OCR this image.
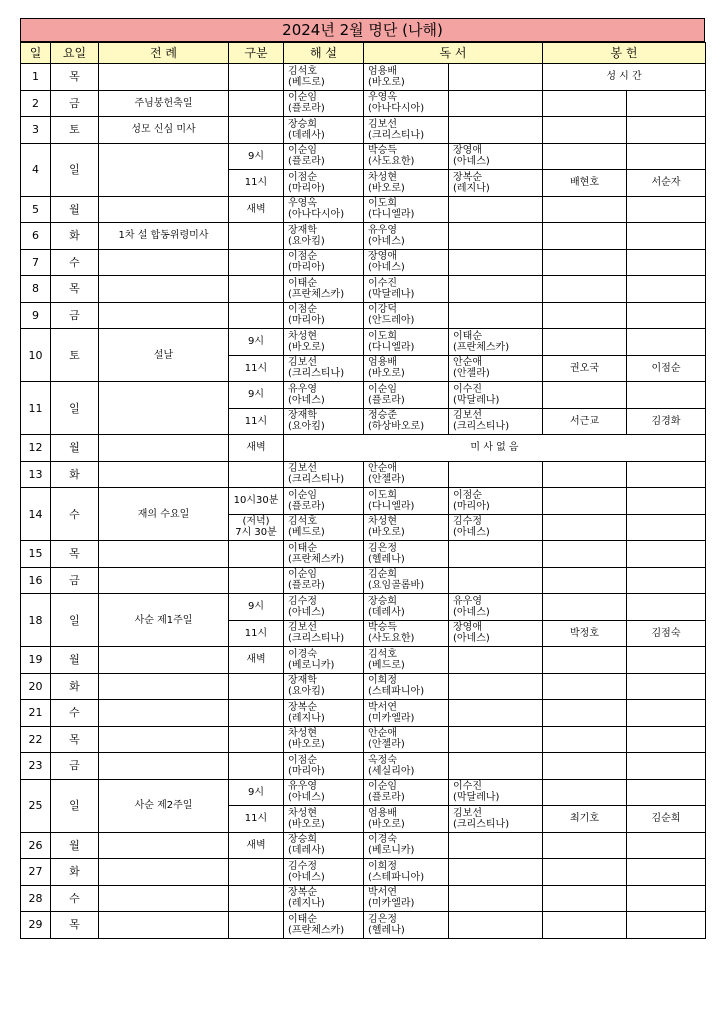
2024년 2월 명단 (나해)
일	요일	전 례	구분	해 설	독 서		봉 헌	

1	목			김석호
(베드로)	엄용배
(바오로)		성 시 간	

2	금	주님봉헌축일		이순임
(플로라)	우영옥
(아나다시아)			

3	토	성모 신심 미사		장승희
(데레사)	김보선
(크리스티나)			

4	일		9시	이순임
(플로라)	박승득
(사도요한)	장영애
(아네스)		

			11시	이점순
(마리아)	차성현
(바오로)	장복순
(레지나)	배현호	서순자

5	월		새벽	우영옥
(아나다시아)	이도희
(다니엘라)			

6	화	1차 설 합동위령미사		장재학
(요아킴)	유우영
(아네스)			

7	수			이점순
(마리아)	장영애
(아네스)			

8	목			이태순
(프란체스카)	이수진
(막달레나)			

9	금			이점순
(마리아)	이강덕
(안드레아)			

10	토	설날	9시	차성현
(바오로)	이도희
(다니엘라)	이태순
(프란체스카)		

			11시	김보선
(크리스티나)	엄용배
(바오로)	안순애
(안젤라)	권오국	이점순

11	일		9시	유우영
(아네스)	이순임
(플로라)	이수진
(막달레나)		

			11시	장재학
(요아킴)	정승준
(하상바오로)	김보선
(크리스티나)	서근교	김경화

12	월		새벽	미 사 없 음				

13	화			김보선
(크리스티나)	안순애
(안젤라)			

14	수	재의 수요일	10시30분	이순임
(플로라)	이도희
(다니엘라)	이점순
(마리아)		

			(저녁)
7시 30분	김석호
(베드로)	차성현
(바오로)	김수정
(아네스)		

15	목			이태순
(프란체스카)	김은정
(헬레나)			

16	금			이순임
(플로라)	김순희
(요임골롬바)			

18	일	사순 제1주일	9시	김수정
(아네스)	장승희
(데레사)	유우영
(아네스)		

			11시	김보선
(크리스티나)	박승득
(사도요한)	장영애
(아네스)	박정호	김점숙

19	월		새벽	이경숙
(베로니카)	김석호
(베드로)			

20	화			장재학
(요아킴)	이희정
(스테파니아)			

21	수			장복순
(레지나)	박서연
(미카엘라)			

22	목			차성현
(바오로)	안순애
(안젤라)			

23	금			이점순
(마리아)	옥정숙
(세실리아)			

25	일	사순 제2주일	9시	유우영
(아네스)	이순임
(플로라)	이수진
(막달레나)		

			11시	차성현
(바오로)	엄용배
(바오로)	김보선
(크리스티나)	최기호	김순희

26	월		새벽	장승희
(데레사)	이경숙
(베로니카)			

27	화			김수정
(아네스)	이희정
(스테파니아)			

28	수			장복순
(레지나)	박서연
(미카엘라)			

29	목			이태순
(프란체스카)	김은정
(헬레나)			
